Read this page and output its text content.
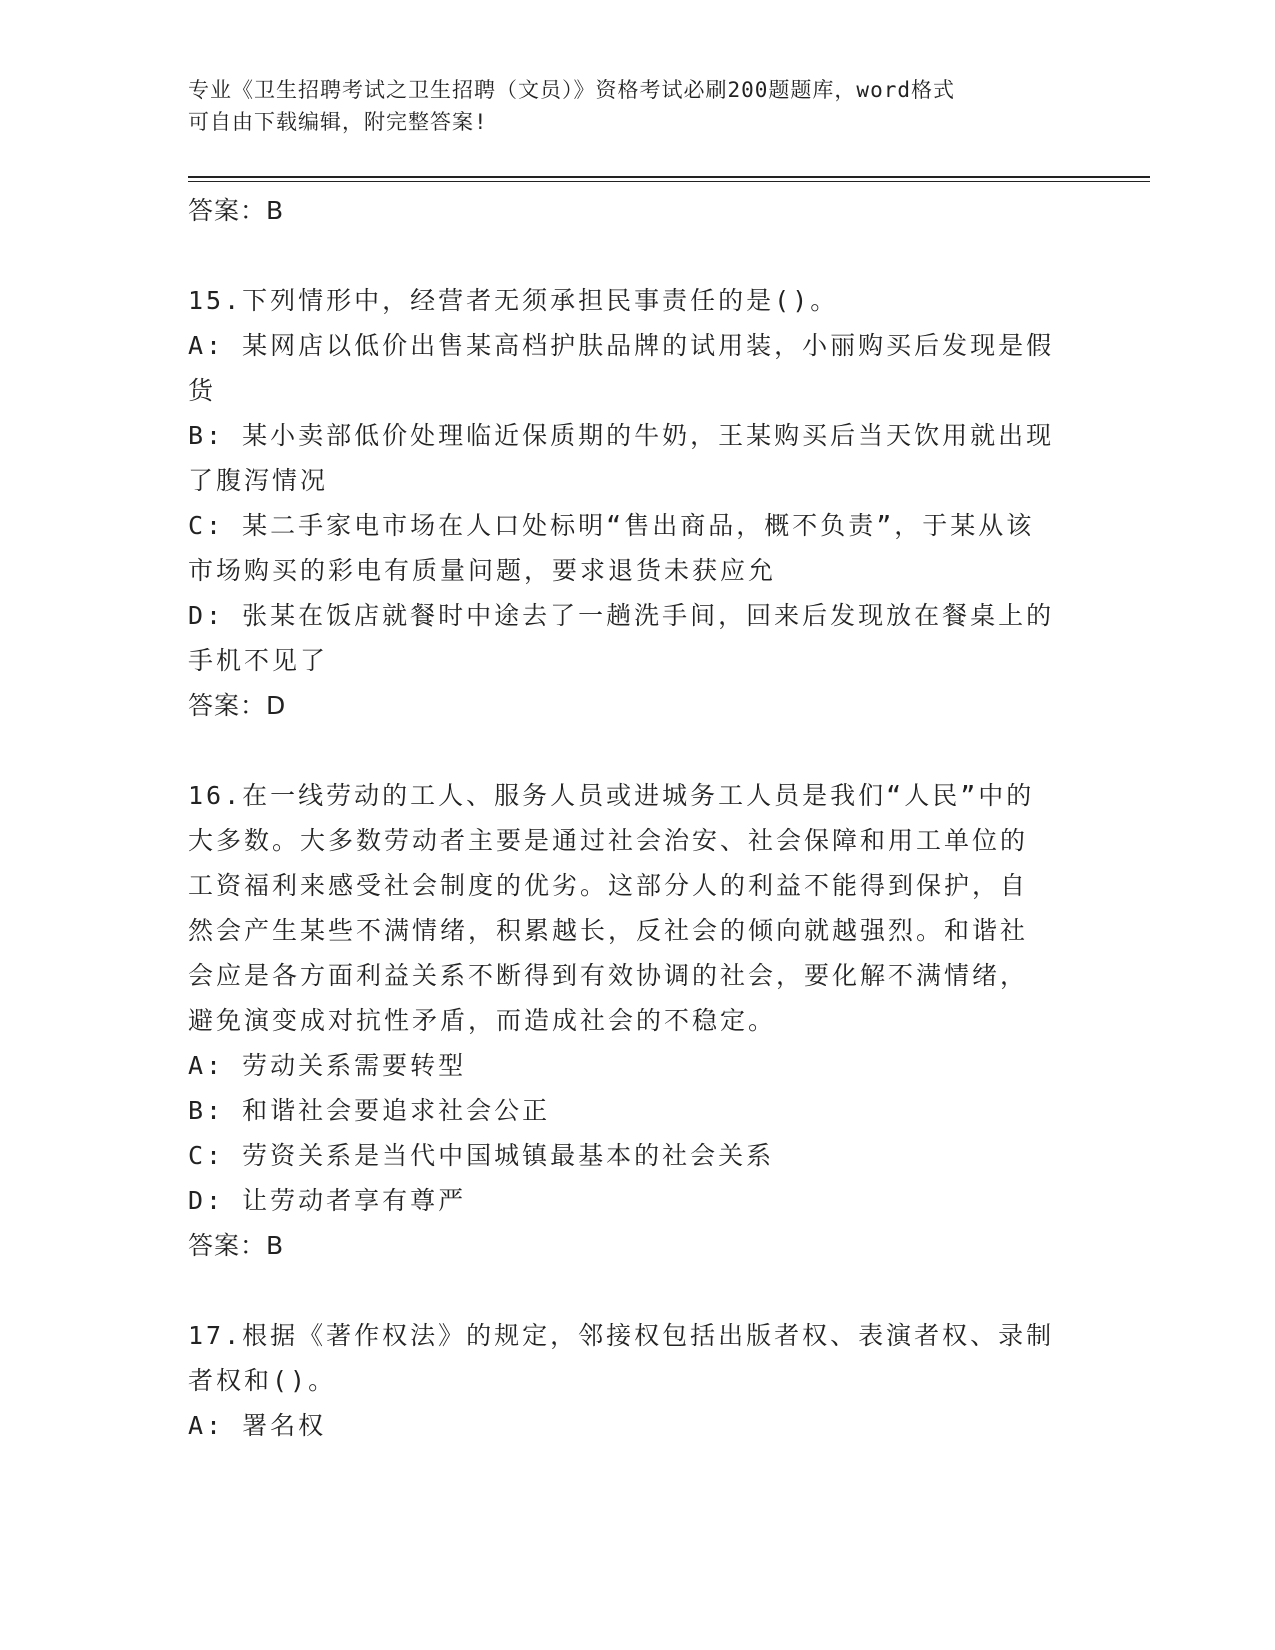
专业《卫生招聘考试之卫生招聘（文员）》资格考试必刷200题题库，word格式
可自由下载编辑，附完整答案!
答案：B
15.下列情形中，经营者无须承担民事责任的是()。
A: 某网店以低价出售某高档护肤品牌的试用装，小丽购买后发现是假
货
B: 某小卖部低价处理临近保质期的牛奶，王某购买后当天饮用就出现
了腹泻情况
C: 某二手家电市场在人口处标明“售出商品，概不负责”，于某从该
市场购买的彩电有质量问题，要求退货未获应允
D: 张某在饭店就餐时中途去了一趟洗手间，回来后发现放在餐桌上的
手机不见了
答案：D
16.在一线劳动的工人、服务人员或进城务工人员是我们“人民”中的
大多数。大多数劳动者主要是通过社会治安、社会保障和用工单位的
工资福利来感受社会制度的优劣。这部分人的利益不能得到保护，自
然会产生某些不满情绪，积累越长，反社会的倾向就越强烈。和谐社
会应是各方面利益关系不断得到有效协调的社会，要化解不满情绪，
避免演变成对抗性矛盾，而造成社会的不稳定。
A: 劳动关系需要转型
B: 和谐社会要追求社会公正
C: 劳资关系是当代中国城镇最基本的社会关系
D: 让劳动者享有尊严
答案：B
17.根据《著作权法》的规定，邻接权包括出版者权、表演者权、录制
者权和()。
A: 署名权
